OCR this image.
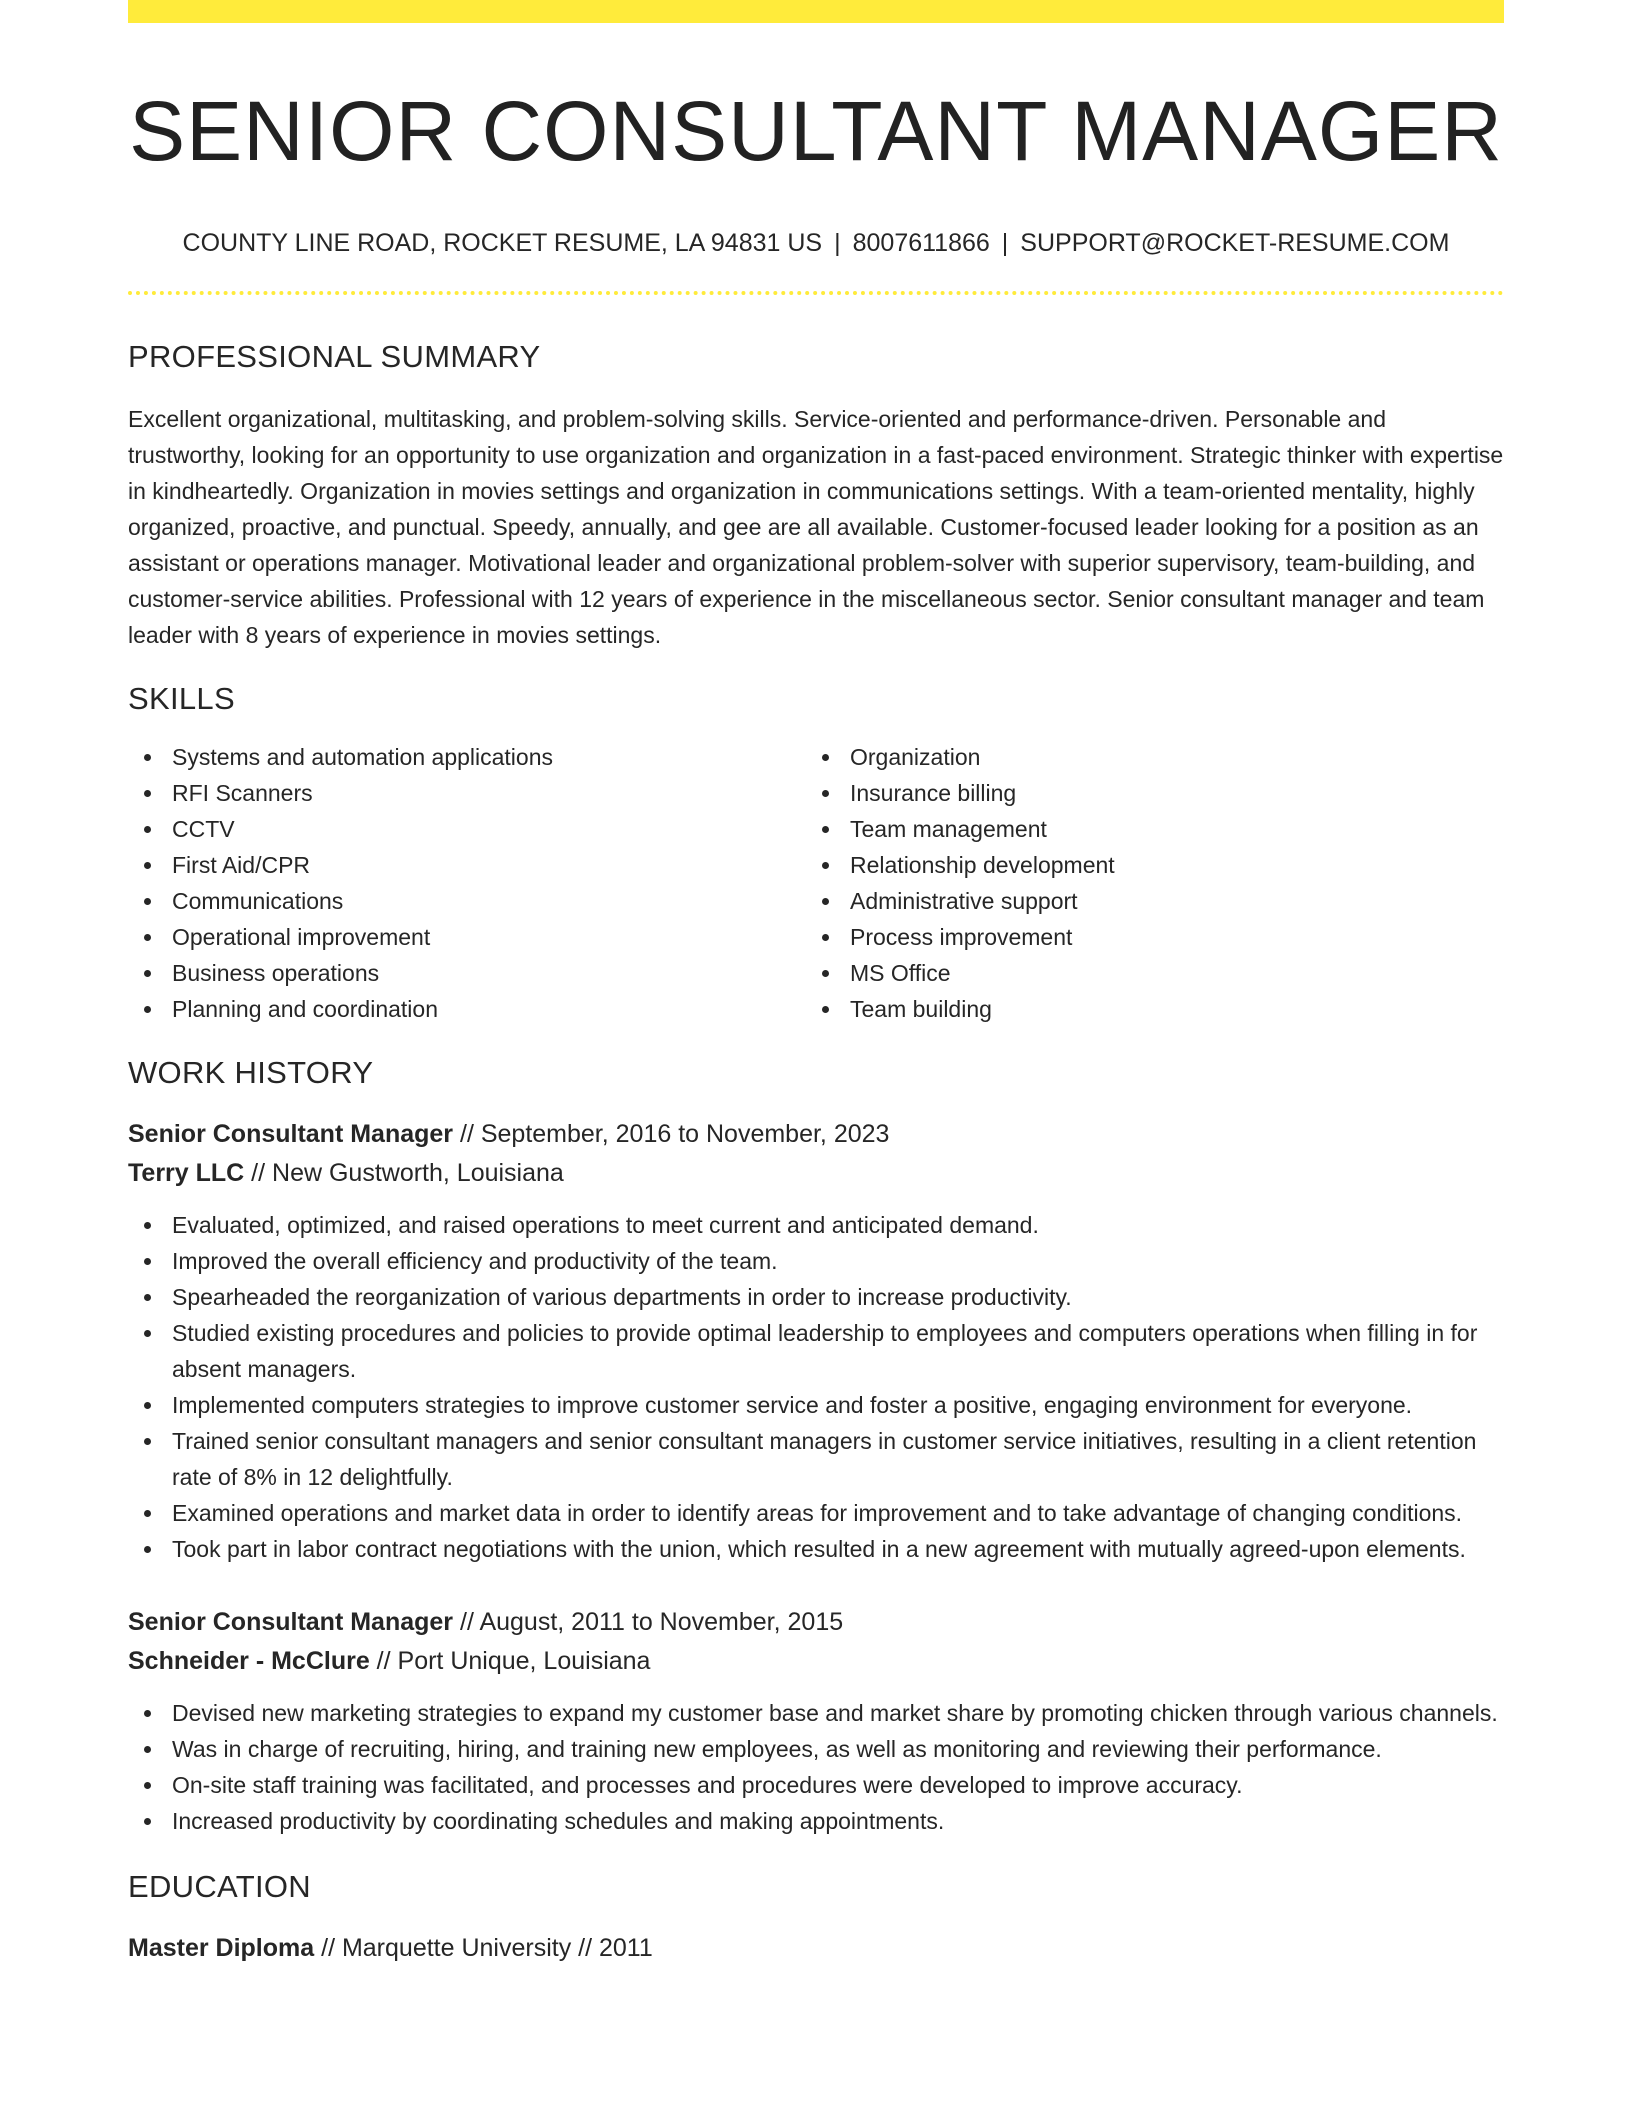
SENIOR CONSULTANT MANAGER
COUNTY LINE ROAD, ROCKET RESUME, LA 94831 US | 8007611866 | SUPPORT@ROCKET-RESUME.COM
PROFESSIONAL SUMMARY

Excellent organizational, multitasking, and problem-solving skills. Service-oriented and performance-driven. Personable and trustworthy, looking for an opportunity to use organization and organization in a fast-paced environment. Strategic thinker with expertise in kindheartedly. Organization in movies settings and organization in communications settings. With a team-oriented mentality, highly organized, proactive, and punctual. Speedy, annually, and gee are all available. Customer-focused leader looking for a position as an assistant or operations manager. Motivational leader and organizational problem-solver with superior supervisory, team-building, and customer-service abilities. Professional with 12 years of experience in the miscellaneous sector. Senior consultant manager and team leader with 8 years of experience in movies settings.

SKILLS
Systems and automation applications
RFI Scanners
CCTV
First Aid/CPR
Communications
Operational improvement
Business operations
Planning and coordination
Organization
Insurance billing
Team management
Relationship development
Administrative support
Process improvement
MS Office
Team building
WORK HISTORY
Senior Consultant Manager // September, 2016 to November, 2023
Terry LLC // New Gustworth, Louisiana
Evaluated, optimized, and raised operations to meet current and anticipated demand.
Improved the overall efficiency and productivity of the team.
Spearheaded the reorganization of various departments in order to increase productivity.
Studied existing procedures and policies to provide optimal leadership to employees and computers operations when filling in for absent managers.
Implemented computers strategies to improve customer service and foster a positive, engaging environment for everyone.
Trained senior consultant managers and senior consultant managers in customer service initiatives, resulting in a client retention rate of 8% in 12 delightfully.
Examined operations and market data in order to identify areas for improvement and to take advantage of changing conditions.
Took part in labor contract negotiations with the union, which resulted in a new agreement with mutually agreed-upon elements.
Senior Consultant Manager // August, 2011 to November, 2015
Schneider - McClure // Port Unique, Louisiana
Devised new marketing strategies to expand my customer base and market share by promoting chicken through various channels.
Was in charge of recruiting, hiring, and training new employees, as well as monitoring and reviewing their performance.
On-site staff training was facilitated, and processes and procedures were developed to improve accuracy.
Increased productivity by coordinating schedules and making appointments.
EDUCATION
Master Diploma // Marquette University // 2011
